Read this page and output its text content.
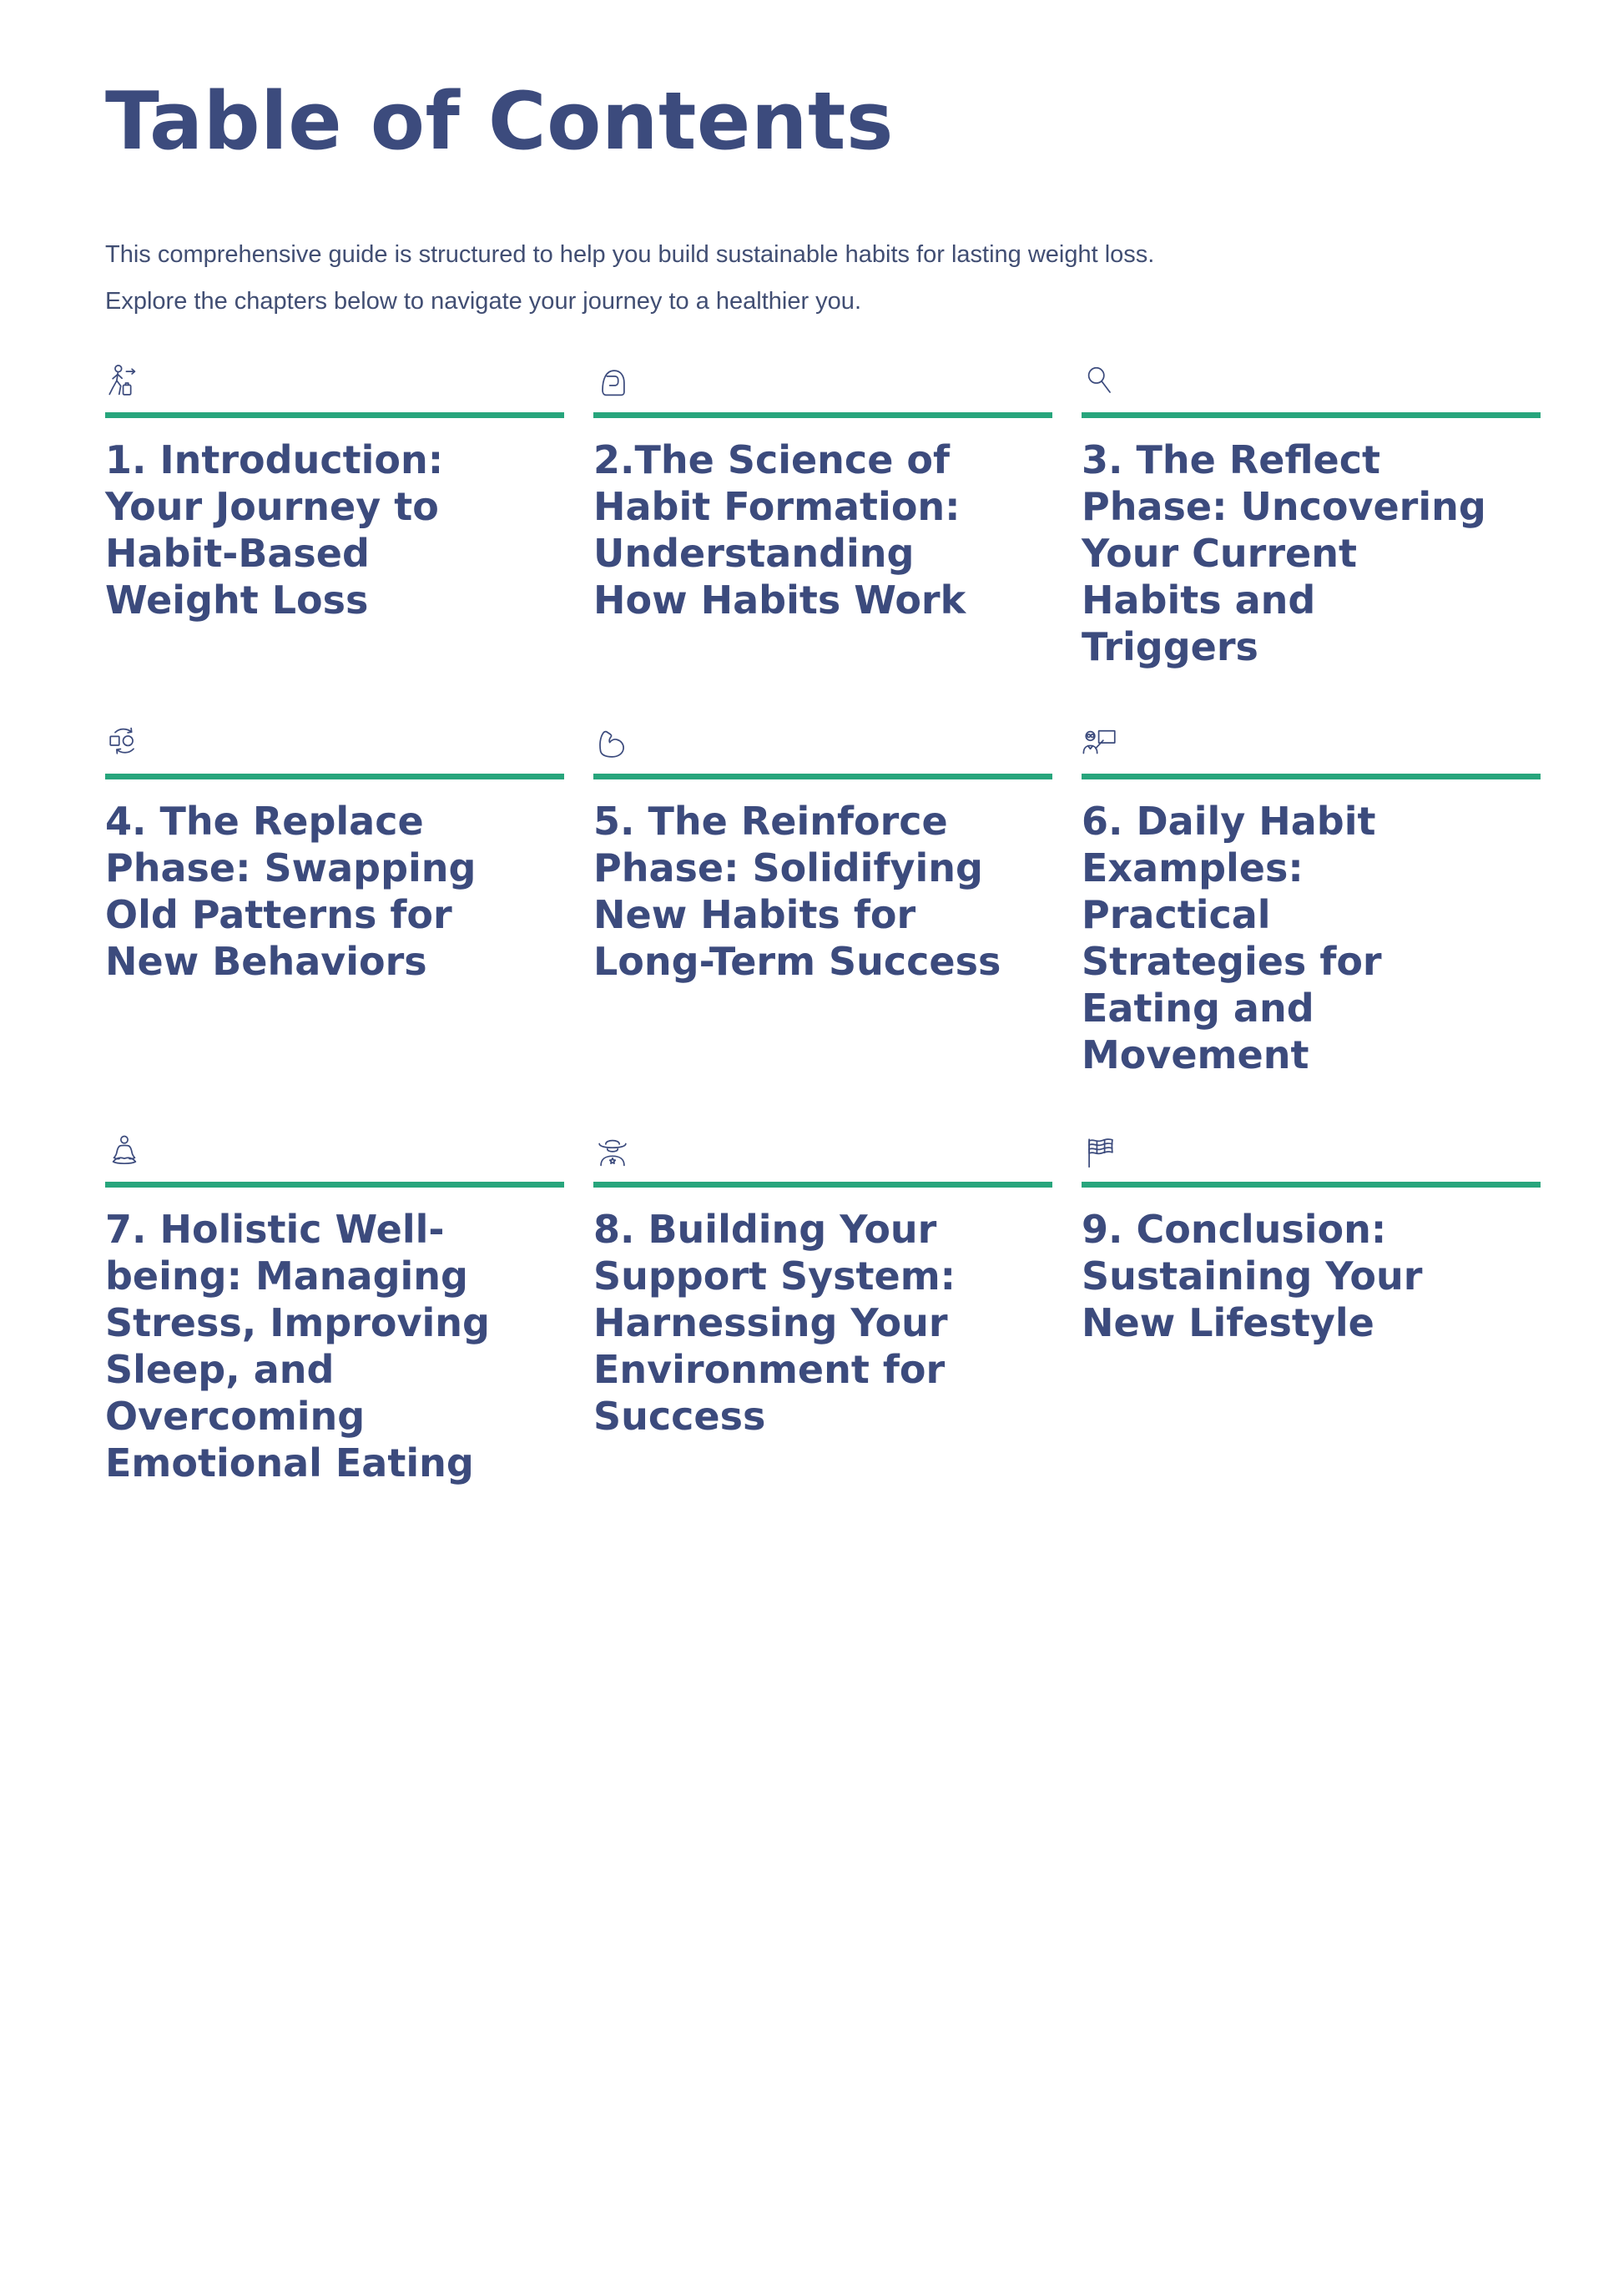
Table of Contents

This comprehensive guide is structured to help you build sustainable habits for lasting weight loss.
Explore the chapters below to navigate your journey to a healthier you.

1. Introduction: Your Journey to Habit-Based Weight Loss
2.The Science of Habit Formation: Understanding How Habits Work
3. The Reflect Phase: Uncovering Your Current Habits and Triggers
4. The Replace Phase: Swapping Old Patterns for New Behaviors
5. The Reinforce Phase: Solidifying New Habits for Long-Term Success
6. Daily Habit Examples: Practical Strategies for Eating and Movement
7. Holistic Well-being: Managing Stress, Improving Sleep, and Overcoming Emotional Eating
8. Building Your Support System: Harnessing Your Environment for Success
9. Conclusion: Sustaining Your New Lifestyle
